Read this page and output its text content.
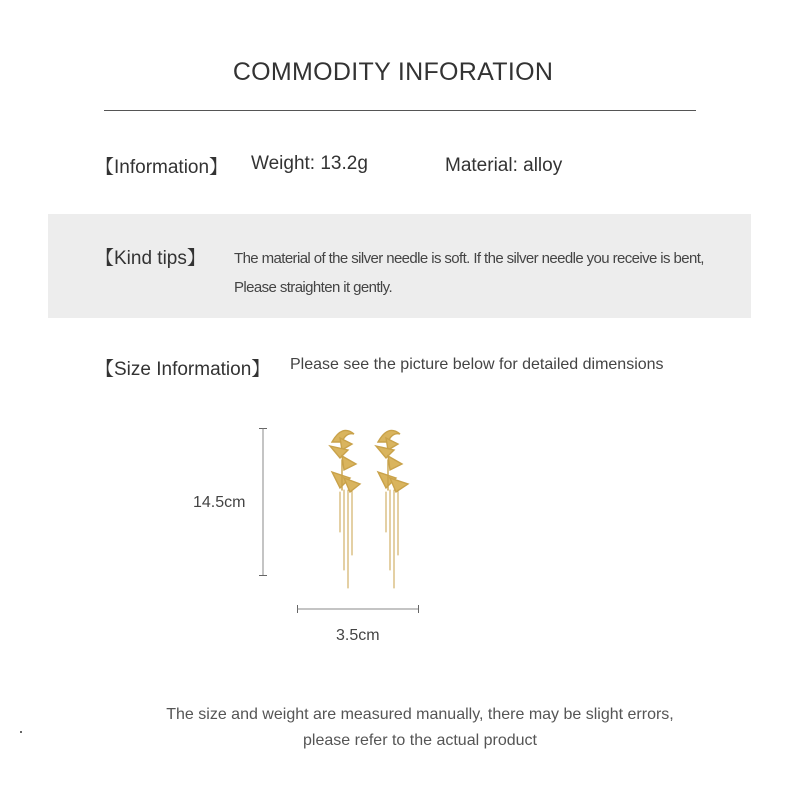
COMMODITY INFORATION
【Information】 Weight: 13.2g	Material: alloy
【Kind tips】 The material of the silver needle is soft. If the silver needle you receive is bent,
Please straighten it gently.
【Size Information】 Please see the picture below for detailed dimensions
14.5cm
3.5cm
The size and weight are measured manually, there may be slight errors,
please refer to the actual product
